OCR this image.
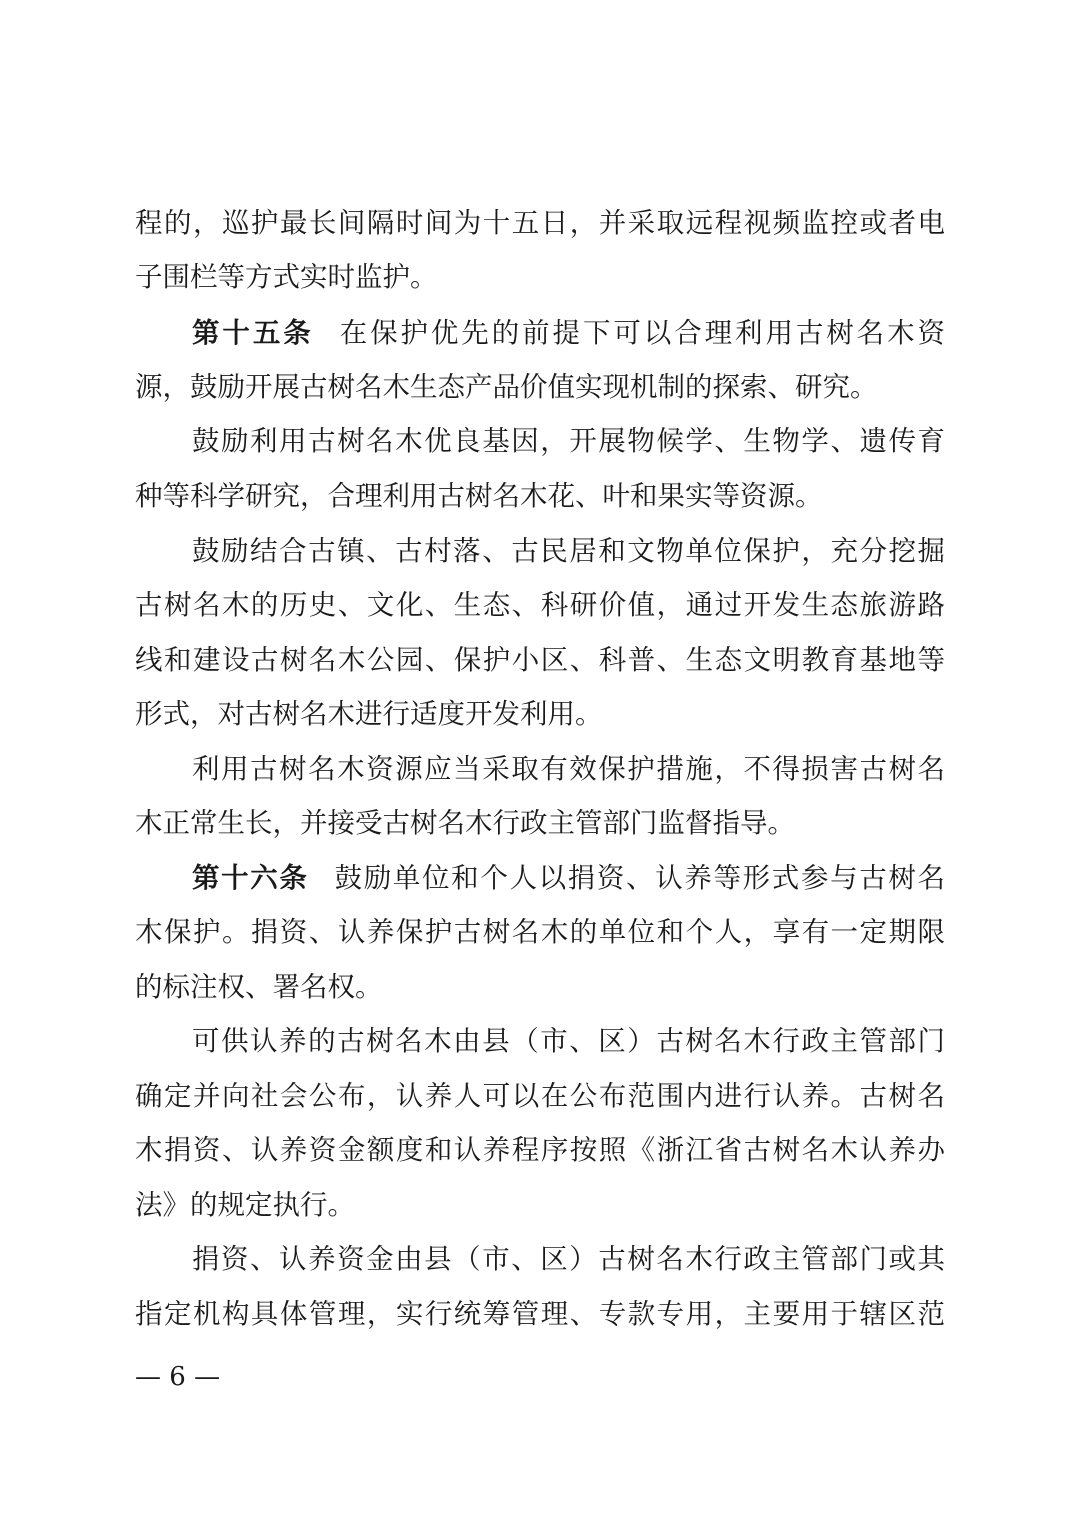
程的，巡护最长间隔时间为十五日，并采取远程视频监控或者电
子围栏等方式实时监护。
第十五条 在保护优先的前提下可以合理利用古树名木资
源，鼓励开展古树名木生态产品价值实现机制的探索、研究。
鼓励利用古树名木优良基因，开展物候学、生物学、遗传育
种等科学研究，合理利用古树名木花、叶和果实等资源。
鼓励结合古镇、古村落、古民居和文物单位保护，充分挖掘
古树名木的历史、文化、生态、科研价值，通过开发生态旅游路
线和建设古树名木公园、保护小区、科普、生态文明教育基地等
形式，对古树名木进行适度开发利用。
利用古树名木资源应当采取有效保护措施，不得损害古树名
木正常生长，并接受古树名木行政主管部门监督指导。
第十六条 鼓励单位和个人以捐资、认养等形式参与古树名
木保护。捐资、认养保护古树名木的单位和个人，享有一定期限
的标注权、署名权。
可供认养的古树名木由县（市、区）古树名木行政主管部门
确定并向社会公布，认养人可以在公布范围内进行认养。古树名
木捐资、认养资金额度和认养程序按照《浙江省古树名木认养办
法》的规定执行。
捐资、认养资金由县（市、区）古树名木行政主管部门或其
指定机构具体管理，实行统筹管理、专款专用，主要用于辖区范
— 6 —
